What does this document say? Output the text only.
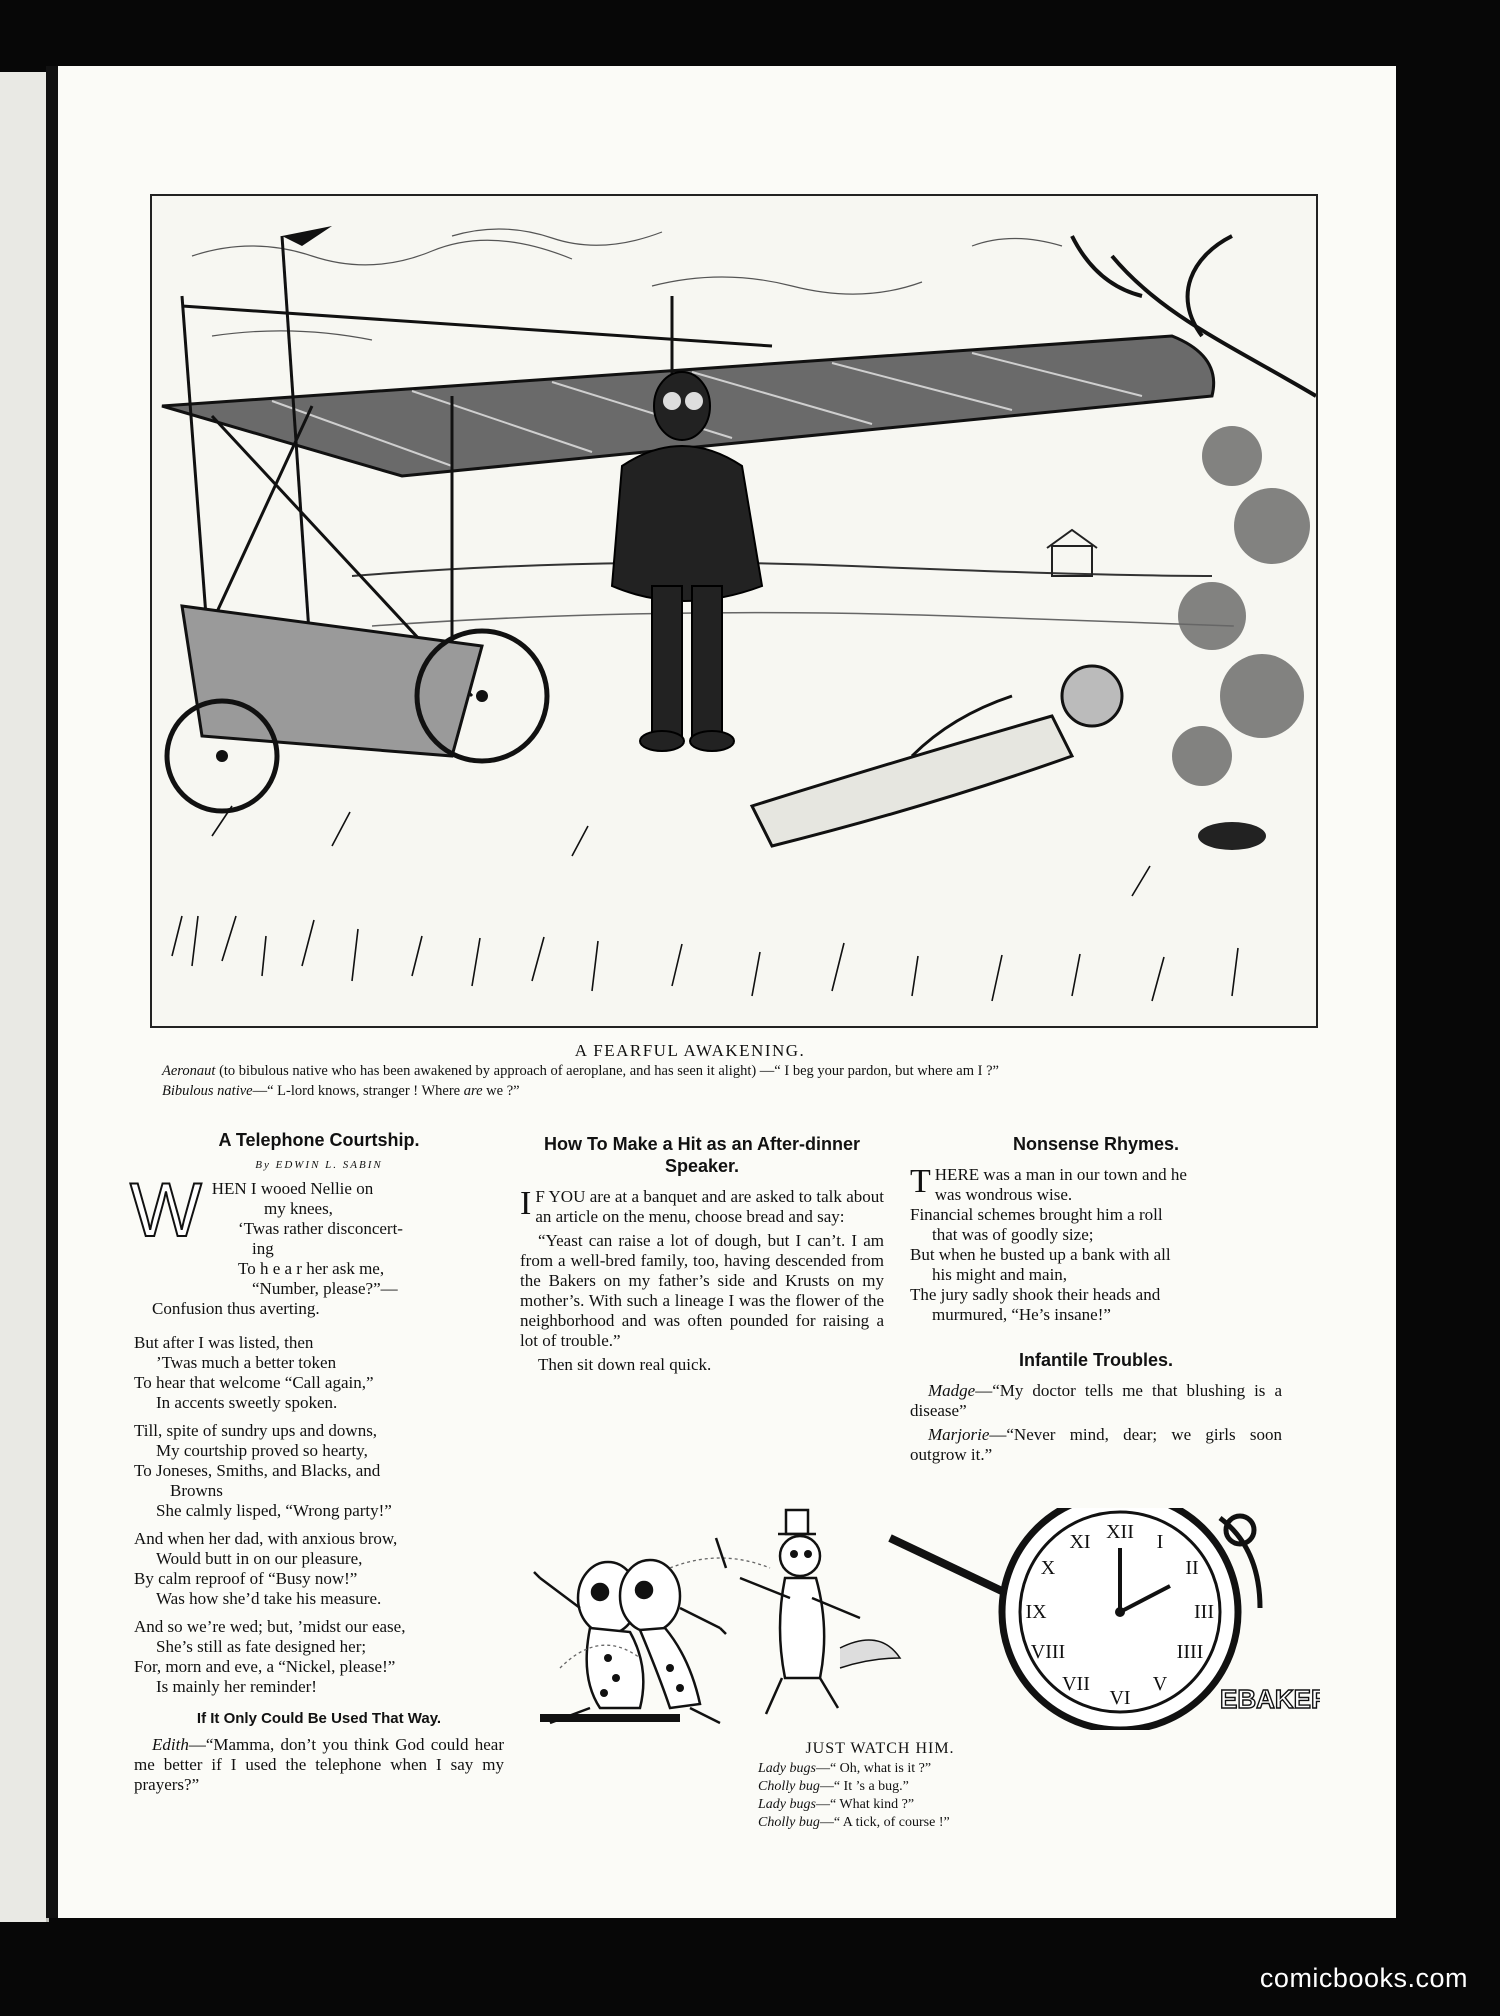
A FEARFUL AWAKENING.
Aeronaut (to bibulous native who has been awakened by approach of aeroplane, and has seen it alight) —“ I beg your pardon, but where am I ?”
Bibulous native—“ L-lord knows, stranger ! Where are we ?”
A Telephone Courtship.
By EDWIN L. SABIN
W HEN I wooed Nellie on
my knees,
‘Twas rather disconcert-
ing
To h e a r her ask me,
“Number, please?”—
Confusion thus averting.
But after I was listed, then
’Twas much a better token
To hear that welcome “Call again,”
In accents sweetly spoken.
Till, spite of sundry ups and downs,
My courtship proved so hearty,
To Joneses, Smiths, and Blacks, and
Browns
She calmly lisped, “Wrong party!”
And when her dad, with anxious brow,
Would butt in on our pleasure,
By calm reproof of “Busy now!”
Was how she’d take his measure.
And so we’re wed; but, ’midst our ease,
She’s still as fate designed her;
For, morn and eve, a “Nickel, please!”
Is mainly her reminder!
If It Only Could Be Used That Way.
Edith—“Mamma, don’t you think God could hear me better if I used the telephone when I say my prayers?”
How To Make a Hit as an After-dinner Speaker.
I F YOU are at a banquet and are asked to talk about an article on the menu, choose bread and say:
“Yeast can raise a lot of dough, but I can’t. I am from a well-bred family, too, having descended from the Bakers on my father’s side and Krusts on my mother’s. With such a lineage I was the flower of the neighborhood and was often pounded for raising a lot of trouble.”
Then sit down real quick.
Nonsense Rhymes.
T HERE was a man in our town and he
was wondrous wise.
Financial schemes brought him a roll
that was of goodly size;
But when he busted up a bank with all
his might and main,
The jury sadly shook their heads and
murmured, “He’s insane!”
Infantile Troubles.
Madge—“My doctor tells me that blushing is a disease”
Marjorie—“Never mind, dear; we girls soon outgrow it.”
XII I
II
III
IIII
V
VI
VII
VIII
IX
X
XI
EBAKER
JUST WATCH HIM.
Lady bugs—“ Oh, what is it ?”
Cholly bug—“ It ’s a bug.”
Lady bugs—“ What kind ?”
Cholly bug—“ A tick, of course !”
comicbooks.com
